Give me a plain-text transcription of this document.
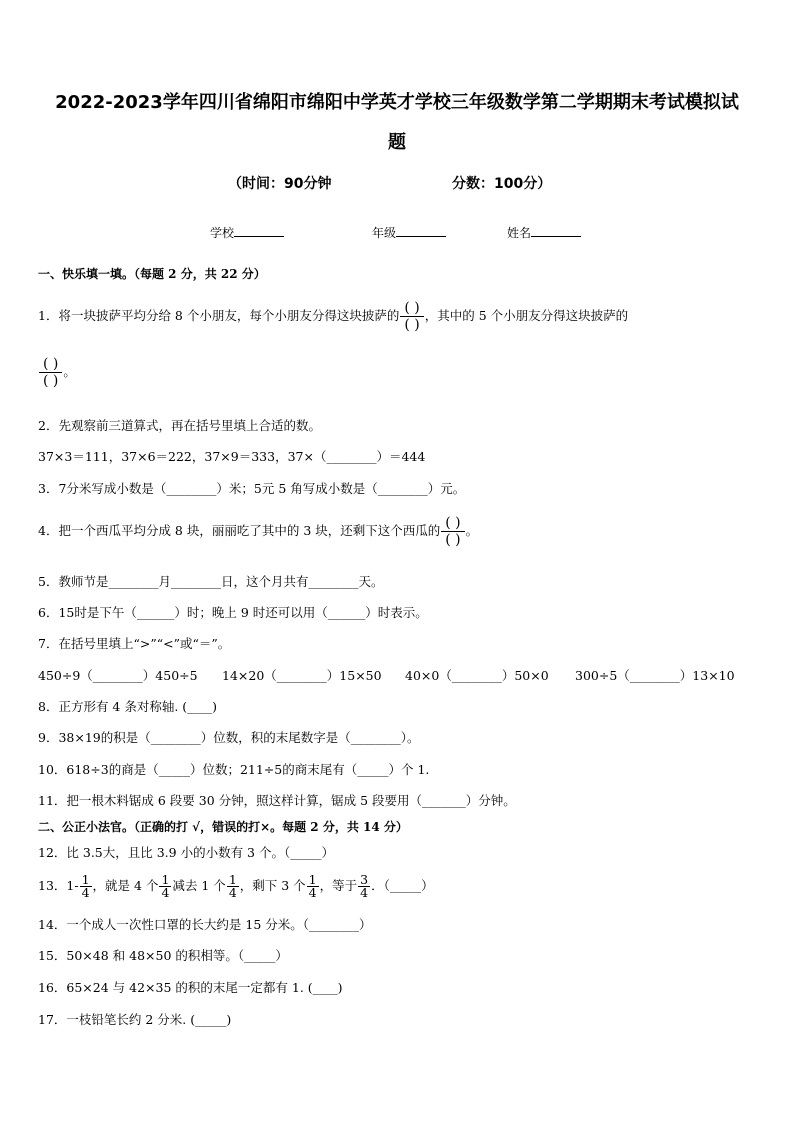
2022-2023学年四川省绵阳市绵阳中学英才学校三年级数学第二学期期末考试模拟试
题
（时间：90分钟	分数：100分）
学校	年级	姓名
一、快乐填一填。（每题 2 分，共 22 分）
1．将一块披萨平均分给 8 个小朋友，每个小朋友分得这块披萨的 $\frac{( )}{( )}$ ，其中的 5 个小朋友分得这块披萨的
$\frac{( )}{( )}$ 。
2．先观察前三道算式，再在括号里填上合适的数。
37×3＝111，37×6＝222，37×9＝333，37×（________）＝444
3．7分米写成小数是（________）米；5元 5 角写成小数是（________）元。
4．把一个西瓜平均分成 8 块，丽丽吃了其中的 3 块，还剩下这个西瓜的 $\frac{( )}{( )}$ 。
5．教师节是________月________日，这个月共有________天。
6．15时是下午（______）时；晚上 9 时还可以用（______）时表示。
7．在括号里填上“>”“<”或“＝”。
450÷9（________）450÷5 14×20（________）15×50 40×0（________）50×0 300÷5（________）13×10
8．正方形有 4 条对称轴. (____)
9．38×19的积是（________）位数，积的末尾数字是（________）。
10．618÷3的商是（_____）位数；211÷5的商末尾有（_____）个 1.
11．把一根木料锯成 6 段要 30 分钟，照这样计算，锯成 5 段要用（_______）分钟。
二、公正小法官。（正确的打 √，错误的打×。每题 2 分，共 14 分）
12．比 3.5大，且比 3.9 小的小数有 3 个。（_____）
13．$1- \frac{1}{4}$ ，就是 4 个 $\frac{1}{4}$ 减去 1 个 $\frac{1}{4}$ ，剩下 3 个 $\frac{1}{4}$ ，等于 $\frac{3}{4}$ ．（_____）
14．一个成人一次性口罩的长大约是 15 分米。（________）
15．50×48 和 48×50 的积相等。（_____）
16．65×24 与 42×35 的积的末尾一定都有 1. (____)
17．一枝铅笔长约 2 分米. (_____)
